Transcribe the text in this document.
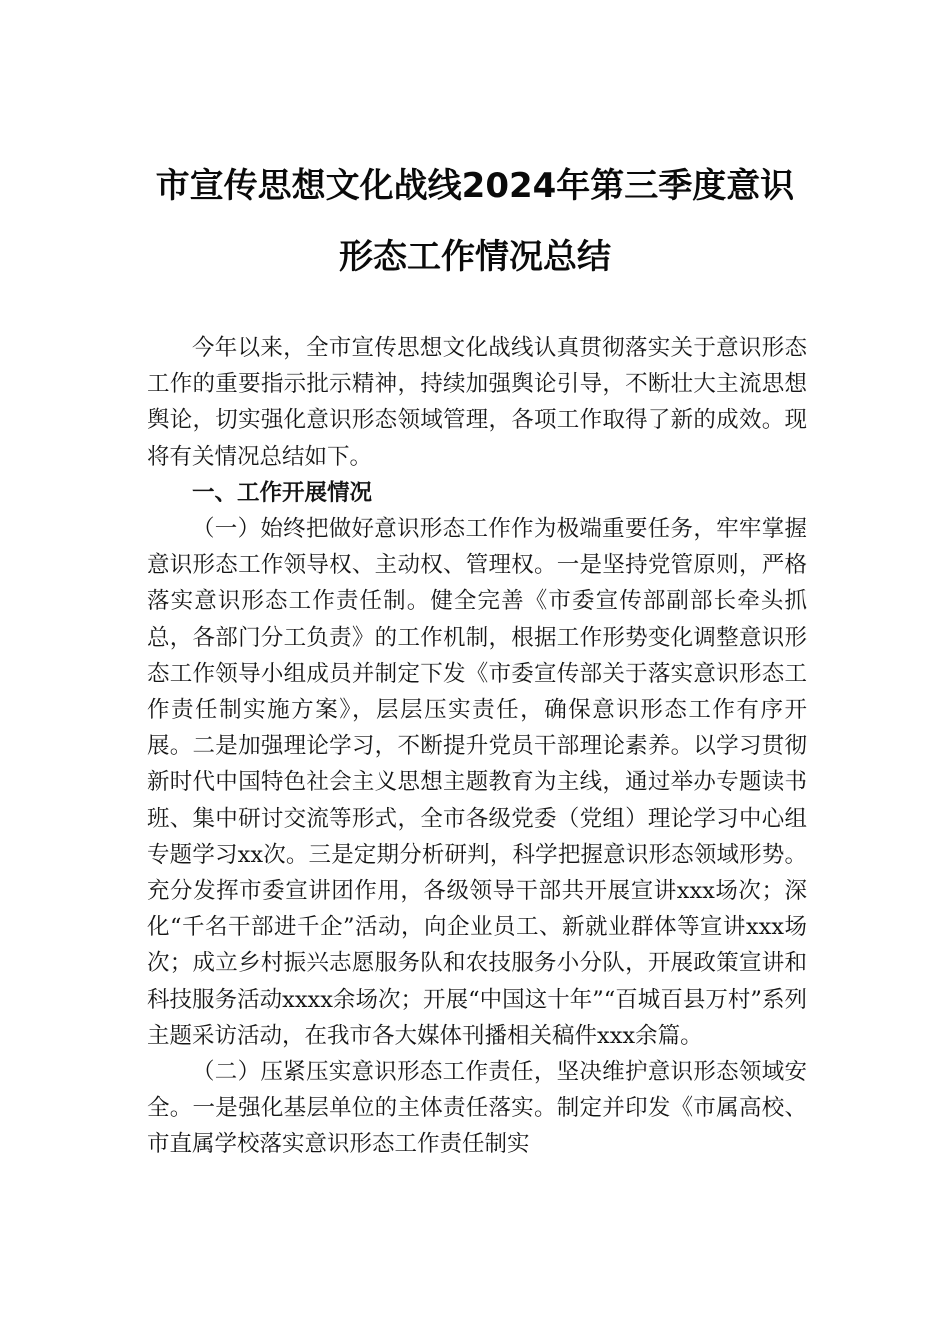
市宣传思想文化战线2024年第三季度意识
形态工作情况总结

今年以来，全市宣传思想文化战线认真贯彻落实关于意识形态工作的重要指示批示精神，持续加强舆论引导，不断壮大主流思想舆论，切实强化意识形态领域管理，各项工作取得了新的成效。现将有关情况总结如下。

一、工作开展情况

（一）始终把做好意识形态工作作为极端重要任务，牢牢掌握意识形态工作领导权、主动权、管理权。一是坚持党管原则，严格落实意识形态工作责任制。健全完善《市委宣传部副部长牵头抓总，各部门分工负责》的工作机制，根据工作形势变化调整意识形态工作领导小组成员并制定下发《市委宣传部关于落实意识形态工作责任制实施方案》，层层压实责任，确保意识形态工作有序开展。二是加强理论学习，不断提升党员干部理论素养。以学习贯彻新时代中国特色社会主义思想主题教育为主线，通过举办专题读书班、集中研讨交流等形式，全市各级党委（党组）理论学习中心组专题学习xx次。三是定期分析研判，科学把握意识形态领域形势。充分发挥市委宣讲团作用，各级领导干部共开展宣讲xxx场次；深化“千名干部进千企”活动，向企业员工、新就业群体等宣讲xxx场次；成立乡村振兴志愿服务队和农技服务小分队，开展政策宣讲和科技服务活动xxxx余场次；开展“中国这十年”“百城百县万村”系列主题采访活动，在我市各大媒体刊播相关稿件xxx余篇。

（二）压紧压实意识形态工作责任，坚决维护意识形态领域安全。一是强化基层单位的主体责任落实。制定并印发《市属高校、市直属学校落实意识形态工作责任制实
